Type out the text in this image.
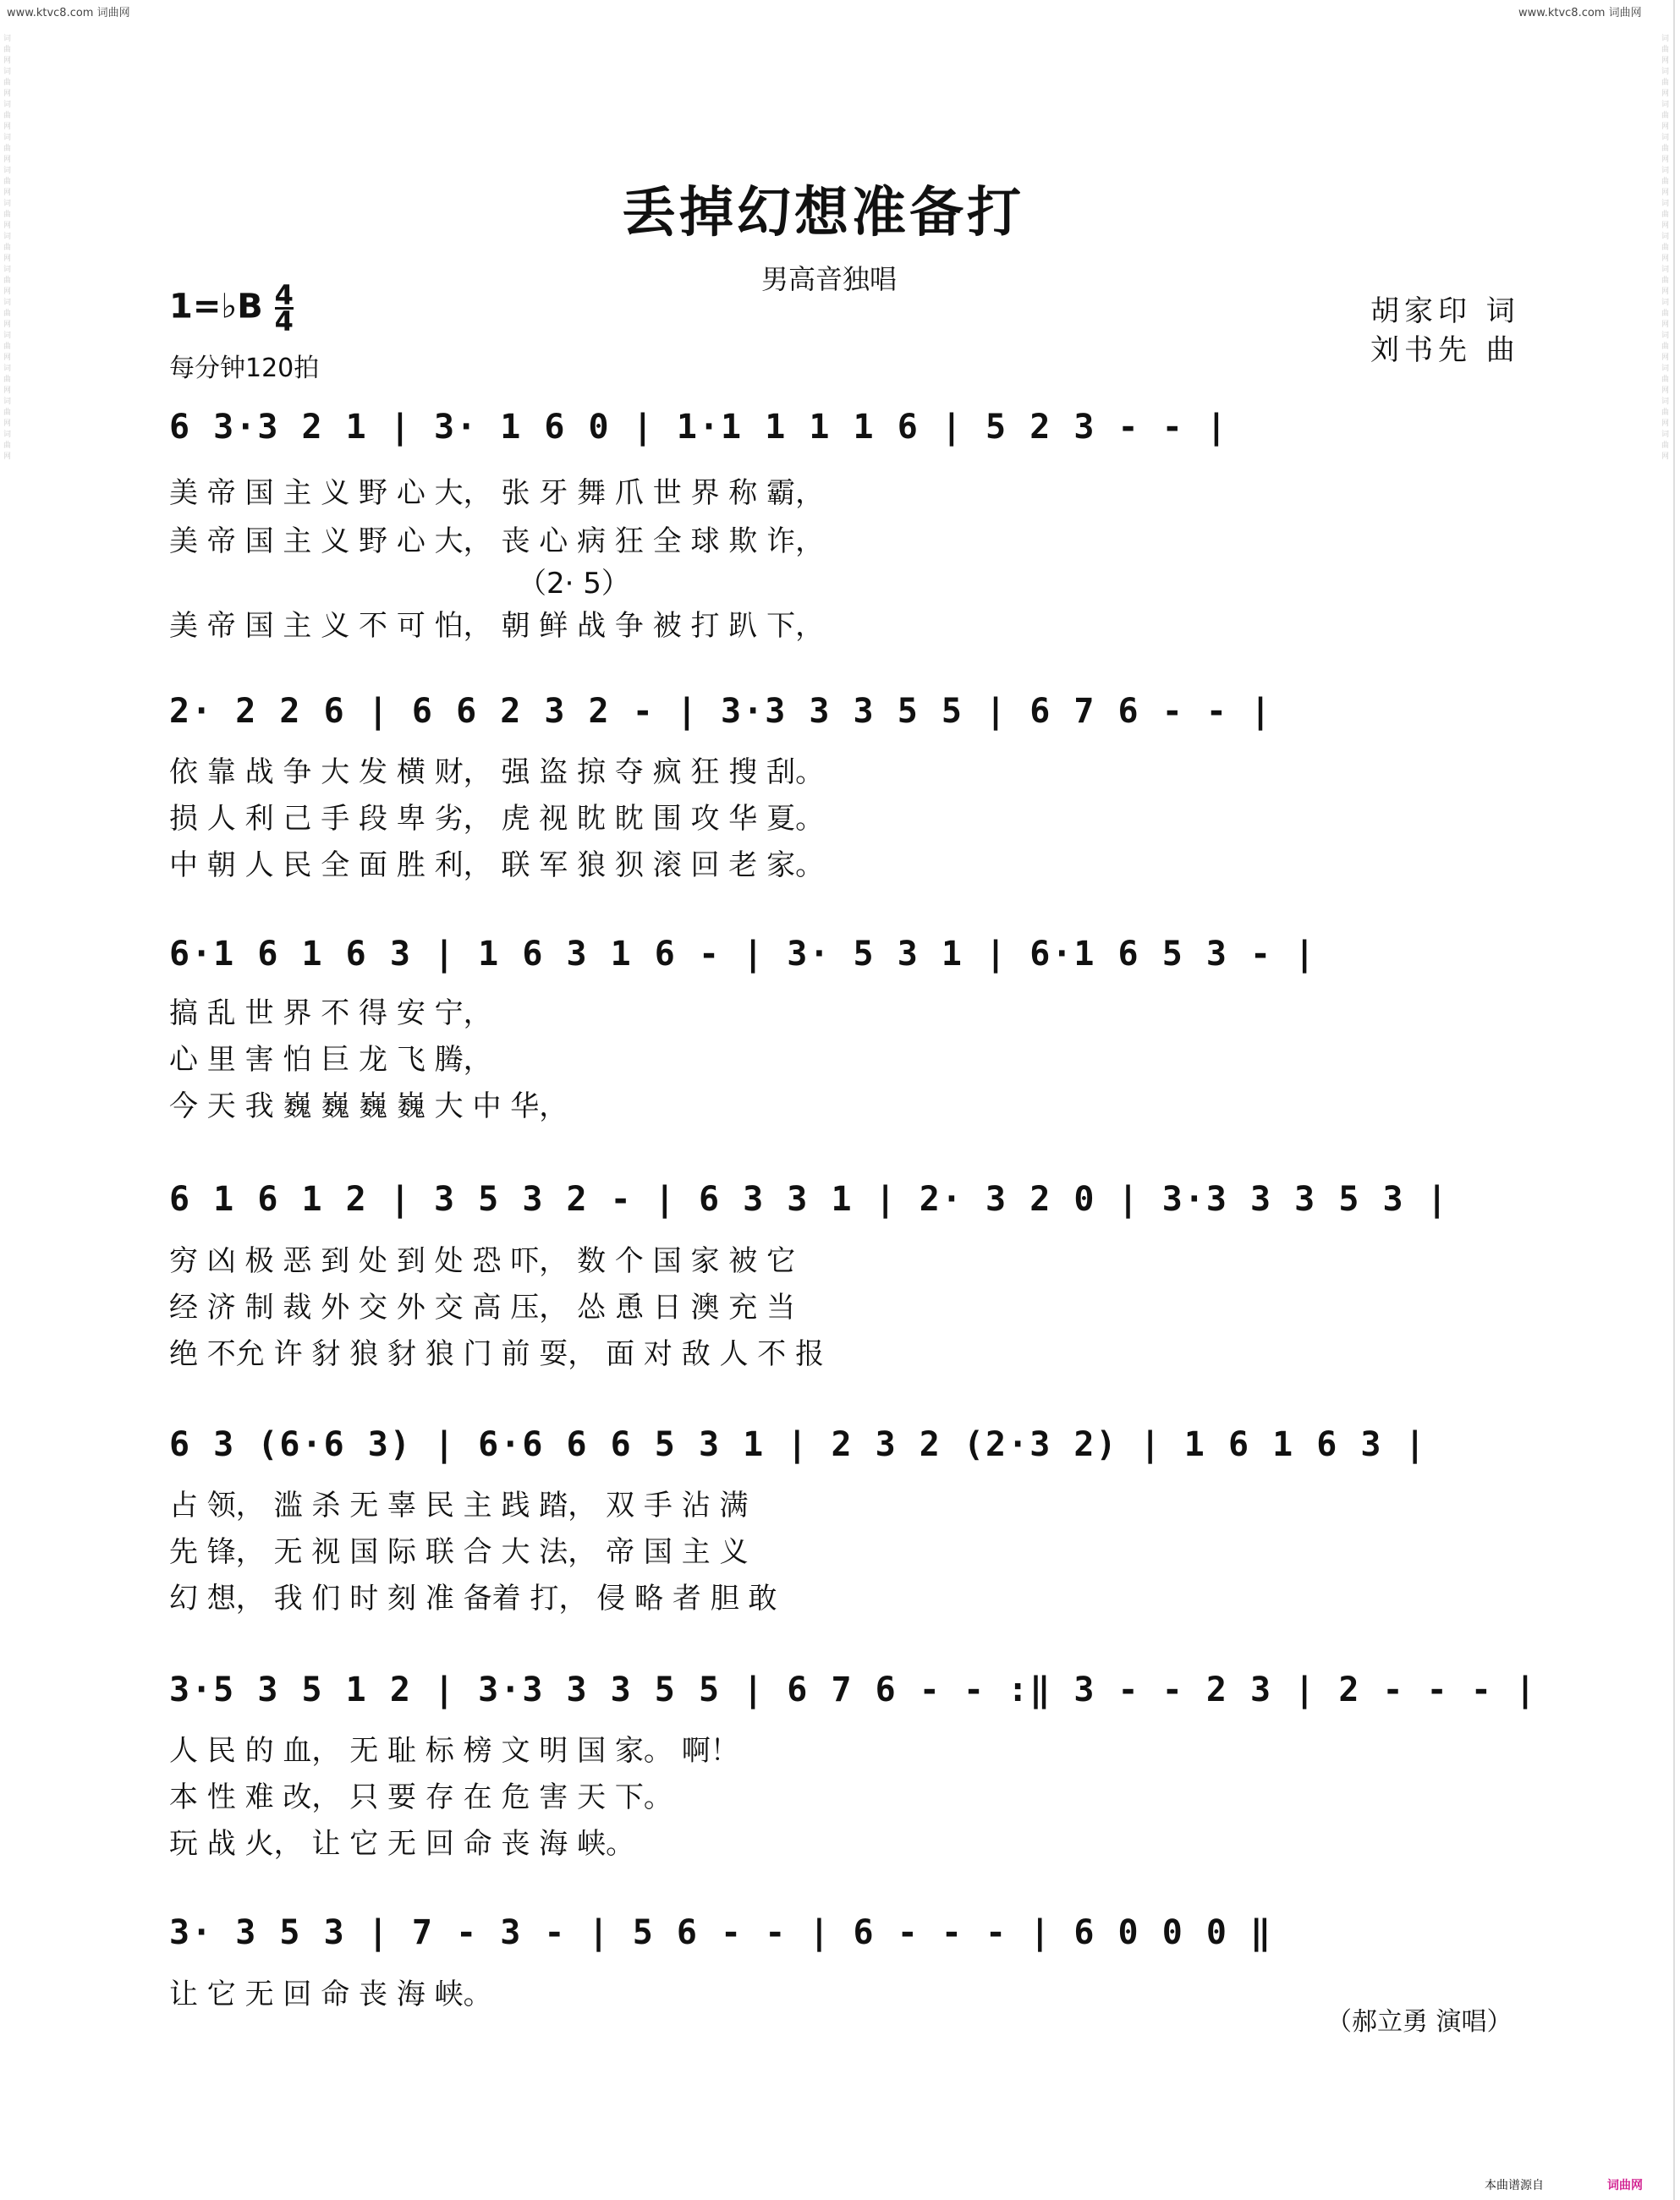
www.ktvc8.com 词曲网	www.ktvc8.com 词曲网
词曲网词曲网词曲网词曲网词曲网词曲网词曲网词曲网词曲网词曲网词曲网词曲网词曲网
词曲网词曲网词曲网词曲网词曲网词曲网词曲网词曲网词曲网词曲网词曲网词曲网词曲网
丢掉幻想准备打
男高音独唱
胡家印 词
刘书先 曲
1=♭B $\frac{4}{4}$
每分钟120拍
6 3·3 2 1 | 3· 1 6 0 | 1·1 1 1 1 6 | 5 2 3 - - |
美 帝 国 主 义 野 心 大， 张 牙 舞 爪 世 界 称 霸，
美 帝 国 主 义 野 心 大， 丧 心 病 狂 全 球 欺 诈，
（2· 5）
美 帝 国 主 义 不 可 怕， 朝 鲜 战 争 被 打 趴 下，
2· 2 2 6 | 6 6 2 3 2 - | 3·3 3 3 5 5 | 6 7 6 - - |
依 靠 战 争 大 发 横 财， 强 盗 掠 夺 疯 狂 搜 刮。
损 人 利 己 手 段 卑 劣， 虎 视 眈 眈 围 攻 华 夏。
中 朝 人 民 全 面 胜 利， 联 军 狼 狈 滚 回 老 家。
6·1 6 1 6 3 | 1 6 3 1 6 - | 3· 5 3 1 | 6·1 6 5 3 - |
搞 乱 世 界 不 得 安 宁，
心 里 害 怕 巨 龙 飞 腾，
今 天 我 巍 巍 巍 巍 大 中 华，
6 1 6 1 2 | 3 5 3 2 - | 6 3 3 1 | 2· 3 2 0 | 3·3 3 3 5 3 |
穷 凶 极 恶 到 处 到 处 恐 吓， 数 个 国 家 被 它
经 济 制 裁 外 交 外 交 高 压， 怂 恿 日 澳 充 当
绝 不允 许 豺 狼 豺 狼 门 前 耍， 面 对 敌 人 不 报
6 3 (6·6 3) | 6·6 6 6 5 3 1 | 2 3 2 (2·3 2) | 1 6 1 6 3 |
占 领， 滥 杀 无 辜 民 主 践 踏， 双 手 沾 满
先 锋， 无 视 国 际 联 合 大 法， 帝 国 主 义
幻 想， 我 们 时 刻 准 备着 打， 侵 略 者 胆 敢
3·5 3 5 1 2 | 3·3 3 3 5 5 | 6 7 6 - - :‖ 3 - - 2 3 | 2 - - - |
人 民 的 血， 无 耻 标 榜 文 明 国 家。 啊！
本 性 难 改， 只 要 存 在 危 害 天 下。
玩 战 火， 让 它 无 回 命 丧 海 峡。
3· 3 5 3 | 7 - 3 - | 5 6 - - | 6 - - - | 6 0 0 0 ‖
让 它 无 回 命 丧 海 峡。
（郝立勇 演唱）
本曲谱源自	词曲网
